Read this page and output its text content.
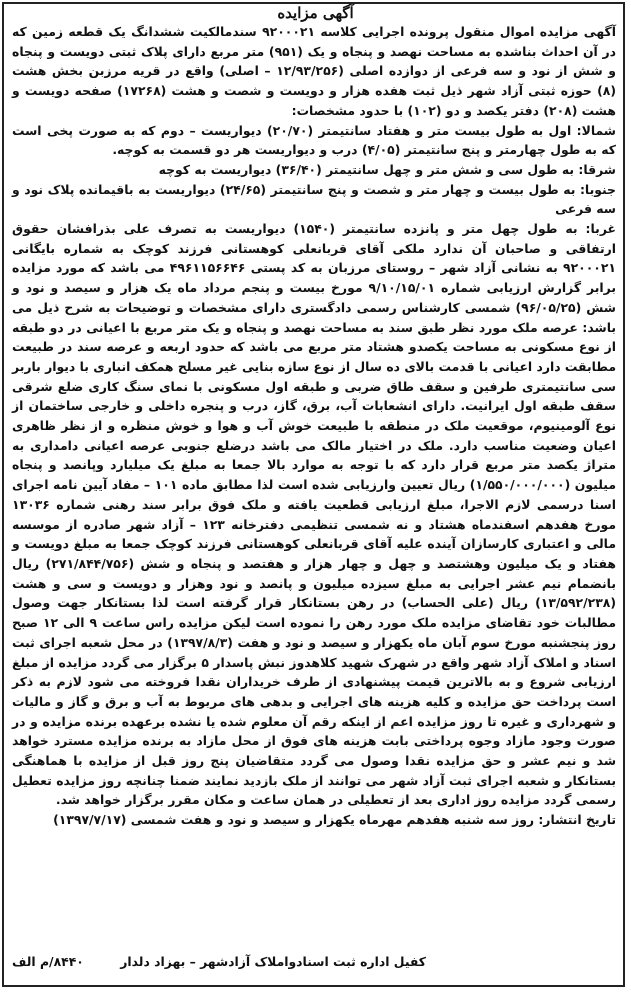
آگهی مزایده

آگهی مزایده اموال منقول پرونده اجرایی کلاسه ۹۲۰۰۰۲۱ سندمالکیت ششدانگ یک قطعه زمین که در آن احداث بناشده به مساحت نهصد و پنجاه و یک (۹۵۱) متر مربع دارای پلاک ثبتی دویست و پنجاه و شش از نود و سه فرعی از دوازده اصلی (۱۲/۹۳/۲۵۶ – اصلی) واقع در قریه مرزبن بخش هشت (۸) حوزه ثبتی آزاد شهر ذیل ثبت هفده هزار و دویست و شصت و هشت (۱۷۲۶۸) صفحه دویست و هشت (۲۰۸) دفتر یکصد و دو (۱۰۲) با حدود مشخصات:

شمالا: اول به طول بیست متر و هفتاد سانتیمتر (۲۰/۷۰) دیواریست – دوم که به صورت پخی است که به طول چهارمتر و پنج سانتیمتر (۴/۰۵) درب و دیواریست هر دو قسمت به کوچه.

شرقا: به طول سی و شش متر و چهل سانتیمتر (۳۶/۴۰) دیواریست به کوچه

جنوبا: به طول بیست و چهار متر و شصت و پنج سانتیمتر (۲۴/۶۵) دیواریست به باقیمانده پلاک نود و سه فرعی

غربا: به طول چهل متر و پانزده سانتیمتر (۱۵۴۰) دیواریست به تصرف علی بذرافشان حقوق ارتفاقی و صاحبان آن ندارد ملکی آقای قربانعلی کوهستانی فرزند کوچک به شماره بایگانی ۹۲۰۰۰۲۱ به نشانی آزاد شهر – روستای مرزبان به کد پستی ۴۹۶۱۱۵۶۶۴۶ می باشد که مورد مزایده برابر گزارش ارزیابی شماره ۹/۱۰/۱۵/۰۱ مورخ بیست و پنجم مرداد ماه یک هزار و سیصد و نود و شش (۹۶/۰۵/۲۵) شمسی کارشناس رسمی دادگستری دارای مشخصات و توضیحات به شرح ذیل می باشد: عرصه ملک مورد نظر طبق سند به مساحت نهصد و پنجاه و یک متر مربع با اعیانی در دو طبقه از نوع مسکونی به مساحت یکصدو هشتاد متر مربع می باشد که حدود اربعه و عرصه سند در طبیعت مطابقت دارد اعیانی با قدمت بالای ده سال از نوع سازه بنایی غیر مسلح همکف انباری با دیوار باربر سی سانتیمتری طرفین و سقف طاق ضربی و طبقه اول مسکونی با نمای سنگ کاری ضلع شرقی سقف طبقه اول ایرانیت. دارای انشعابات آب، برق، گاز، درب و پنجره داخلی و خارجی ساختمان از نوع آلومینیوم، موقعیت ملک در منطقه با طبیعت خوش آب و هوا و خوش منظره و از نظر ظاهری اعیان وضعیت مناسب دارد. ملک در اختیار مالک می باشد درضلع جنوبی عرصه اعیانی دامداری به متراژ یکصد متر مربع قرار دارد که با توجه به موارد بالا جمعا به مبلغ یک میلیارد وپانصد و پنجاه میلیون (۱/۵۵۰/۰۰۰/۰۰۰) ریال تعیین وارزیابی شده است لذا مطابق ماده ۱۰۱ – مفاد آیین نامه اجرای اسنا درسمی لازم الاجرا، مبلغ ارزیابی قطعیت یافته و ملک فوق برابر سند رهنی شماره ۱۳۰۳۶ مورخ هفدهم اسفندماه هشتاد و نه شمسی تنظیمی دفترخانه ۱۲۳ – آزاد شهر صادره از موسسه مالی و اعتباری کارسازان آینده علیه آقای قربانعلی کوهستانی فرزند کوچک جمعا به مبلغ دویست و هفتاد و یک میلیون وهشتصد و چهل و چهار هزار و هفتصد و پنجاه و شش (۲۷۱/۸۴۴/۷۵۶) ریال بانضمام نیم عشر اجرایی به مبلغ سیزده میلیون و پانصد و نود وهزار و دویست و سی و هشت (۱۳/۵۹۲/۲۳۸) ریال (علی الحساب) در رهن بستانکار قرار گرفته است لذا بستانکار جهت وصول مطالبات خود تقاضای مزایده ملک مورد رهن را نموده است لیکن مزایده راس ساعت ۹ الی ۱۲ صبح روز پنجشنبه مورخ سوم آبان ماه یکهزار و سیصد و نود و هفت (۱۳۹۷/۸/۳) در محل شعبه اجرای ثبت اسناد و املاک آزاد شهر واقع در شهرک شهید کلاهدوز نبش پاسدار ۵ برگزار می گردد مزایده از مبلغ ارزیابی شروع و به بالاترین قیمت پیشنهادی از طرف خریداران نقدا فروخته می شود لازم به ذکر است پرداخت حق مزایده و کلیه هزینه های اجرایی و بدهی های مربوط به آب و برق و گاز و مالیات و شهرداری و غیره تا روز مزایده اعم از اینکه رقم آن معلوم شده یا نشده برعهده برنده مزایده و در صورت وجود مازاد وجوه پرداختی بابت هزینه های فوق از محل مازاد به برنده مزایده مسترد خواهد شد و نیم عشر و حق مزایده نقدا وصول می گردد متقاضیان پنج روز قبل از مزایده با هماهنگی بستانکار و شعبه اجرای ثبت آزاد شهر می توانند از ملک بازدید نمایند ضمنا چنانچه روز مزایده تعطیل رسمی گردد مزایده روز اداری بعد از تعطیلی در همان ساعت و مکان مقرر برگزار خواهد شد.

تاریخ انتشار: روز سه شنبه هفدهم مهرماه یکهزار و سیصد و نود و هفت شمسی (۱۳۹۷/۷/۱۷)

کفیل اداره ثبت اسنادواملاک آزادشهر – بهزاد دلدار
۸۴۴۰/م الف
